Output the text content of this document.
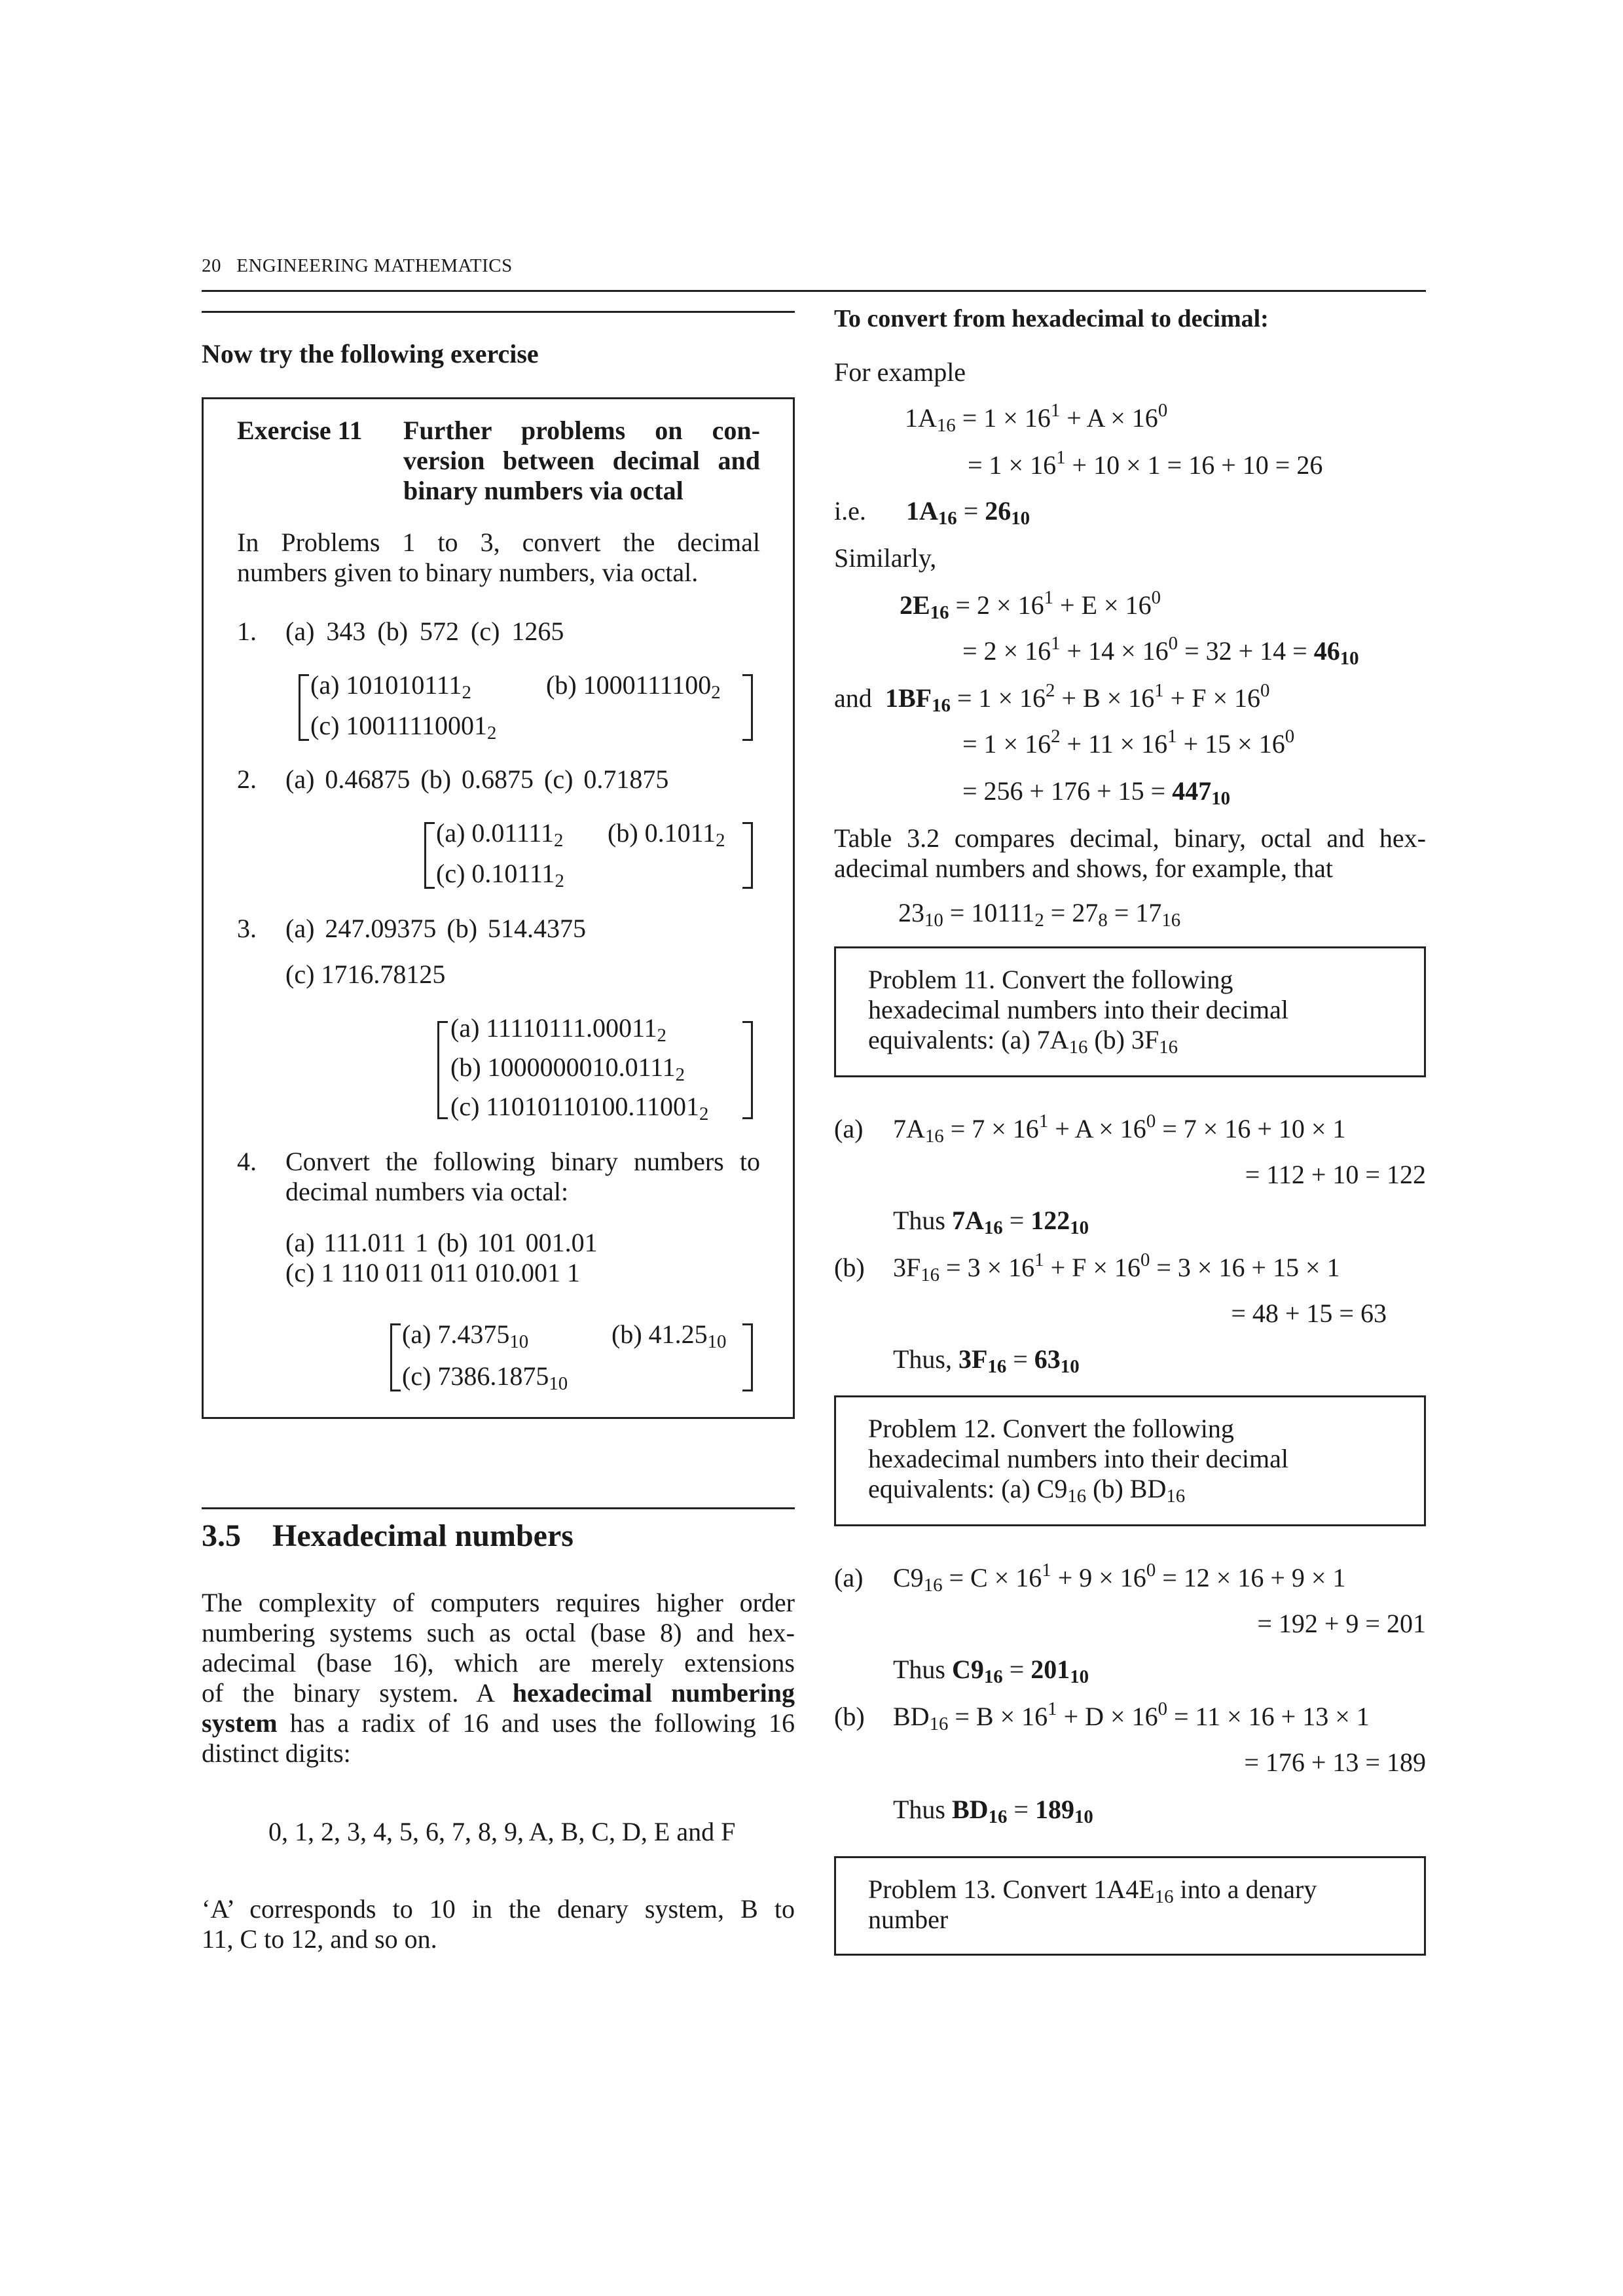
20 ENGINEERING MATHEMATICS
Now try the following exercise
Exercise 11 Further problems on con-
version between decimal and
binary numbers via octal
In Problems 1 to 3, convert the decimal
numbers given to binary numbers, via octal.
1. (a) 343 (b) 572 (c) 1265
(a) $101010111_2$	(b) $1000111100_2$
(c) $10011110001_2$
2. (a) 0.46875 (b) 0.6875 (c) 0.71875
(a) $0.01111_2$ (b) $0.1011_2$
(c) $0.10111_2$
3. (a) 247.09375 (b) 514.4375
(c) 1716.78125
(a) $11110111.00011_2$
(b) $1000000010.0111_2$
(c) $11010110100.11001_2$
4. Convert the following binary numbers to
decimal numbers via octal:
(a) 111.011 1 (b) 101 001.01
(c) 1 110 011 011 010.001 1
(a) $7.4375_{10}$	(b) $41.25_{10}$
(c) $7386.1875_{10}$
3.5 Hexadecimal numbers
The complexity of computers requires higher order
numbering systems such as octal (base 8) and hex-
adecimal (base 16), which are merely extensions
of the binary system. A hexadecimal numbering
system has a radix of 16 and uses the following 16
distinct digits:
0, 1, 2, 3, 4, 5, 6, 7, 8, 9, A, B, C, D, E and F
‘A’ corresponds to 10 in the denary system, B to
11, C to 12, and so on.
To convert from hexadecimal to decimal:
For example
$1A_{16} = 1 \times 16^1 + A \times 16^0$
= $1 \times 16^1 + 10 \times 1 = 16 + 10 = 26$
i.e. $1A_{16} = 26_{10}$
Similarly,
$2E_{16} = 2 \times 16^1 + E \times 16^0$
= $2 \times 16^1 + 14 \times 16^0 = 32 + 14 = 46_{10}$
and $1BF_{16} = 1 \times 16^2 + B \times 16^1 + F \times 16^0$
= $1 \times 16^2 + 11 \times 16^1 + 15 \times 16^0$
= $256 + 176 + 15 = 447_{10}$
Table 3.2 compares decimal, binary, octal and hex-
adecimal numbers and shows, for example, that
$23_{10} = 10111_2 = 27_8 = 17_{16}$
Problem 11. Convert the following
hexadecimal numbers into their decimal
equivalents: (a) $7A_{16}$ (b) $3F_{16}$
(a) $7A_{16} = 7 \times 16^1 + A \times 16^0 = 7 \times 16 + 10 \times 1$
= 112 + 10 = 122
Thus $7A_{16} = 122_{10}$
(b) $3F_{16} = 3 \times 16^1 + F \times 16^0 = 3 \times 16 + 15 \times 1$
= 48 + 15 = 63
Thus, $3F_{16} = 63_{10}$
Problem 12. Convert the following
hexadecimal numbers into their decimal
equivalents: (a) $C9_{16}$ (b) $BD_{16}$
(a) $C9_{16} = C \times 16^1 + 9 \times 16^0 = 12 \times 16 + 9 \times 1$
= 192 + 9 = 201
Thus $C9_{16} = 201_{10}$
(b) $BD_{16} = B \times 16^1 + D \times 16^0 = 11 \times 16 + 13 \times 1$
= 176 + 13 = 189
Thus $BD_{16} = 189_{10}$
Problem 13. Convert $1A4E_{16}$ into a denary
number
